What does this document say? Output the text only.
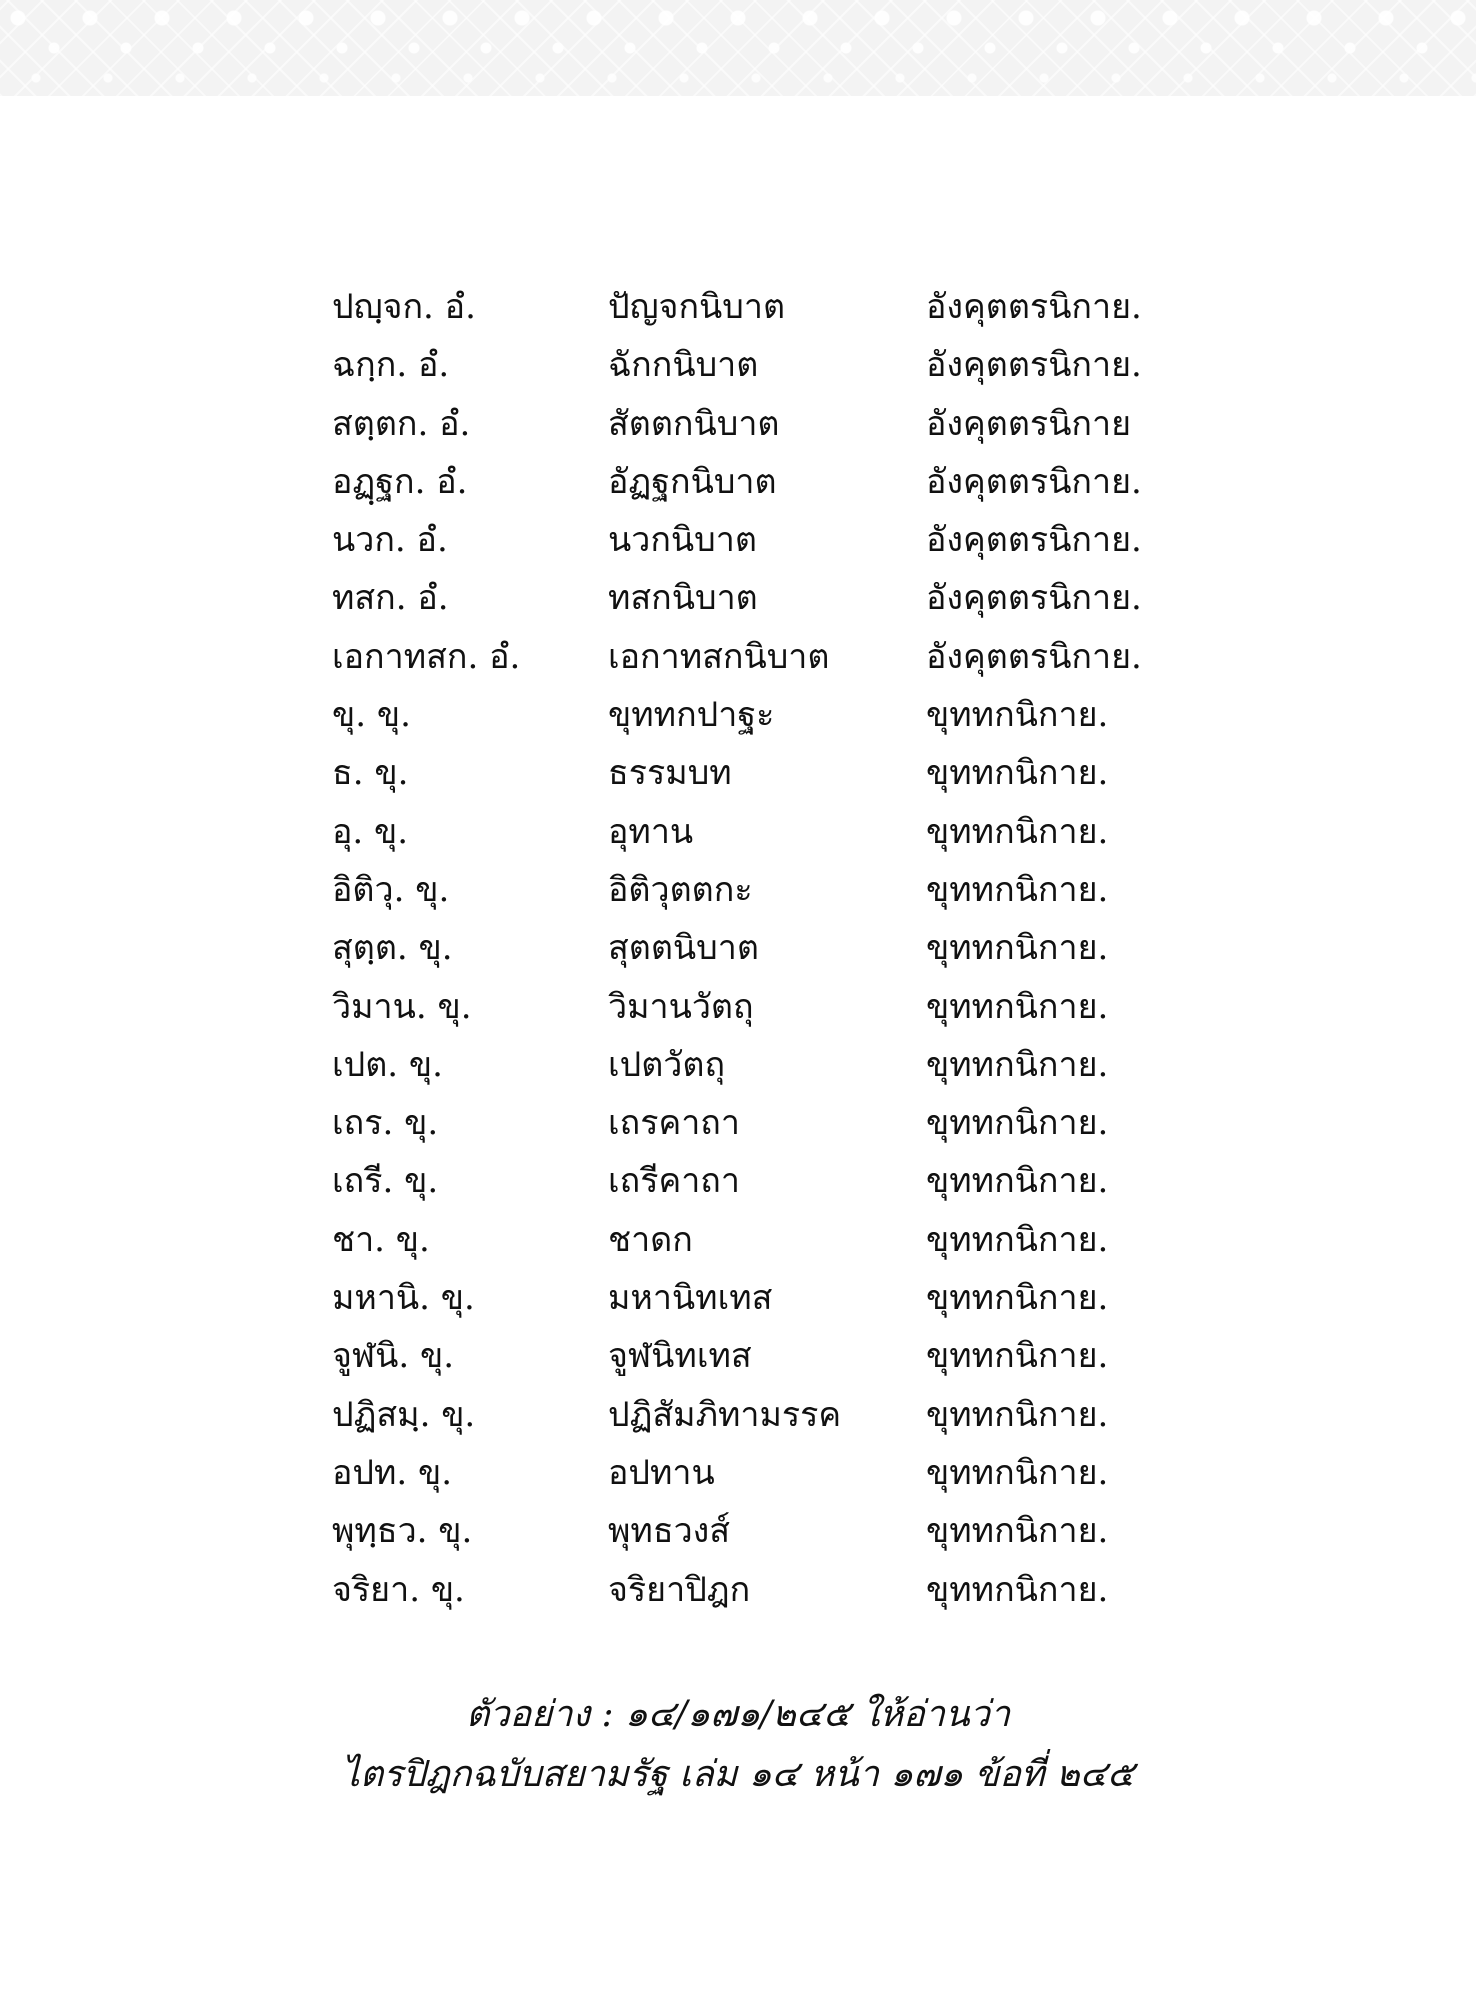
ปญฺจก. อํ.	ปัญจกนิบาต	อังคุตตรนิกาย.
ฉกฺก. อํ.	ฉักกนิบาต	อังคุตตรนิกาย.
สตฺตก. อํ.	สัตตกนิบาต	อังคุตตรนิกาย
อฏฺฐก. อํ.	อัฏฐกนิบาต	อังคุตตรนิกาย.
นวก. อํ.	นวกนิบาต	อังคุตตรนิกาย.
ทสก. อํ.	ทสกนิบาต	อังคุตตรนิกาย.
เอกาทสก. อํ.	เอกาทสกนิบาต	อังคุตตรนิกาย.
ขุ. ขุ.	ขุททกปาฐะ	ขุททกนิกาย.
ธ. ขุ.	ธรรมบท	ขุททกนิกาย.
อุ. ขุ.	อุทาน	ขุททกนิกาย.
อิติวุ. ขุ.	อิติวุตตกะ	ขุททกนิกาย.
สุตฺต. ขุ.	สุตตนิบาต	ขุททกนิกาย.
วิมาน. ขุ.	วิมานวัตถุ	ขุททกนิกาย.
เปต. ขุ.	เปตวัตถุ	ขุททกนิกาย.
เถร. ขุ.	เถรคาถา	ขุททกนิกาย.
เถรี. ขุ.	เถรีคาถา	ขุททกนิกาย.
ชา. ขุ.	ชาดก	ขุททกนิกาย.
มหานิ. ขุ.	มหานิทเทส	ขุททกนิกาย.
จูฬนิ. ขุ.	จูฬนิทเทส	ขุททกนิกาย.
ปฏิสมฺ. ขุ.	ปฏิสัมภิทามรรค ขุททกนิกาย.
อปท. ขุ.	อปทาน	ขุททกนิกาย.
พุทฺธว. ขุ.	พุทธวงส์	ขุททกนิกาย.
จริยา. ขุ.	จริยาปิฎก	ขุททกนิกาย.
ตัวอย่าง : ๑๔/๑๗๑/๒๔๕ ให้อ่านว่า
ไตรปิฎกฉบับสยามรัฐ เล่ม ๑๔ หน้า ๑๗๑ ข้อที่ ๒๔๕
